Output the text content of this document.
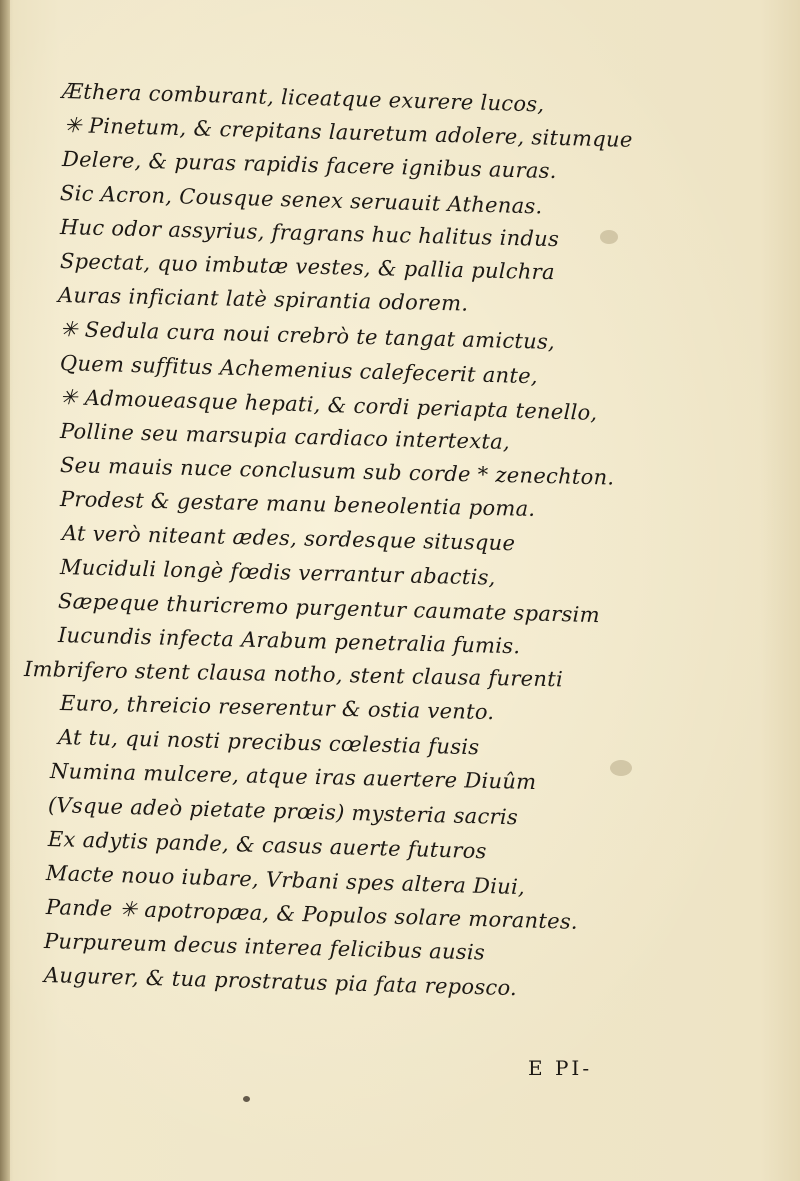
Æthera comburant, liceatque exurere lucos,
✳ Pinetum, & crepitans lauretum adolere, situmque
Delere, & puras rapidis facere ignibus auras.
Sic Acron, Cousque senex seruauit Athenas.
Huc odor assyrius, fragrans huc halitus indus
Spectat, quo imbutæ vestes, & pallia pulchra
Auras inficiant latè spirantia odorem.
✳ Sedula cura noui crebrò te tangat amictus,
Quem suffitus Achemenius calefecerit ante,
✳ Admoueasque hepati, & cordi periapta tenello,
Polline seu marsupia cardiaco intertexta,
Seu mauis nuce conclusum sub corde * zenechton.
Prodest & gestare manu beneolentia poma.
At verò niteant ædes, sordesque situsque
Muciduli longè fœdis verrantur abactis,
Sæpeque thuricremo purgentur caumate sparsim
Iucundis infecta Arabum penetralia fumis.
Imbrifero stent clausa notho, stent clausa furenti
Euro, threicio reserentur & ostia vento.
At tu, qui nosti precibus cœlestia fusis
Numina mulcere, atque iras auertere Diuûm
(Vsque adeò pietate prœis) mysteria sacris
Ex adytis pande, & casus auerte futuros
Macte nouo iubare, Vrbani spes altera Diui,
Pande ✳ apotropæa, & Populos solare morantes.
Purpureum decus interea felicibus ausis
Augurer, & tua prostratus pia fata reposco.
E PI-
